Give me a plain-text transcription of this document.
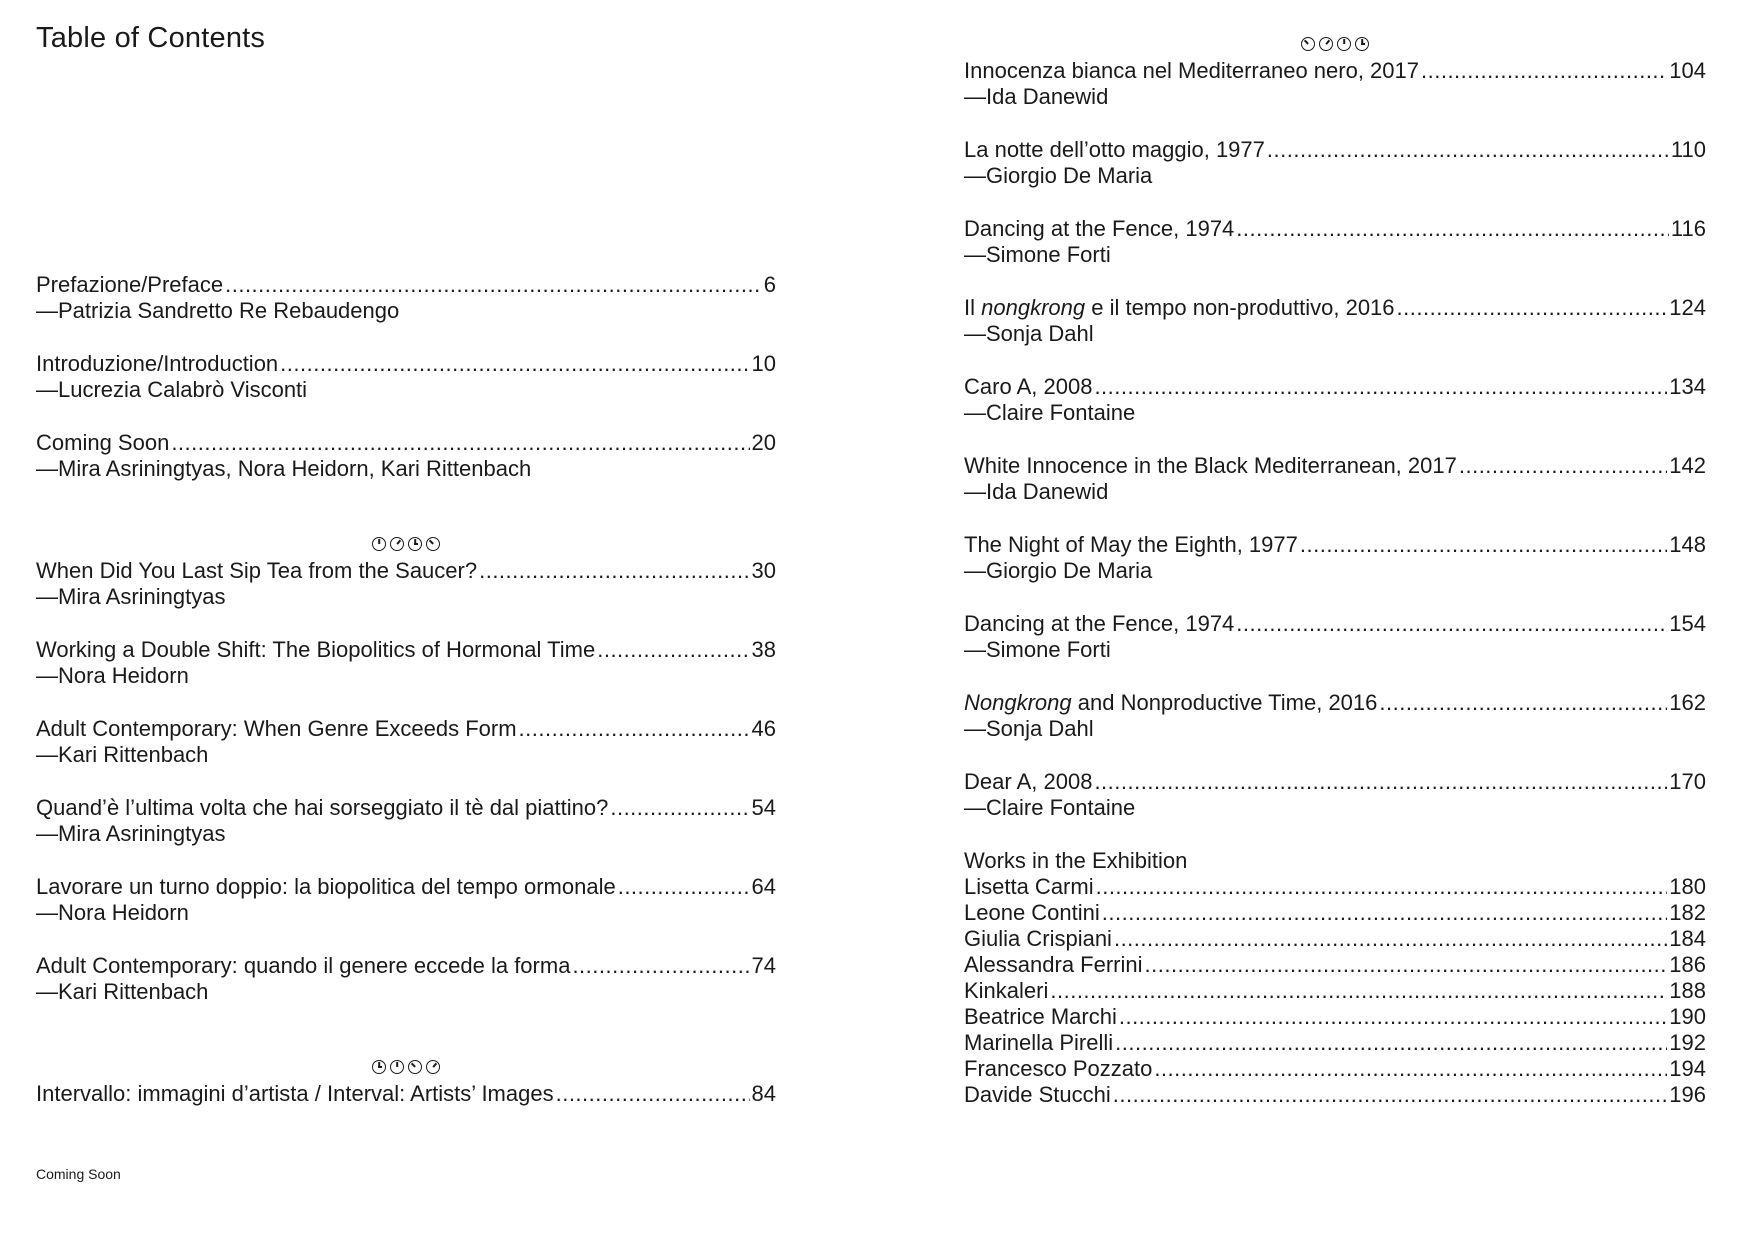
Table of Contents
Prefazione/Preface .....	6
—Patrizia Sandretto Re Rebaudengo
Introduzione/Introduction .....	10
—Lucrezia Calabrò Visconti
Coming Soon .....	20
—Mira Asriningtyas, Nora Heidorn, Kari Rittenbach
When Did You Last Sip Tea from the Saucer? .....	30
—Mira Asriningtyas
Working a Double Shift: The Biopolitics of Hormonal Time .....	38
—Nora Heidorn
Adult Contemporary: When Genre Exceeds Form .....	46
—Kari Rittenbach
Quand’è l’ultima volta che hai sorseggiato il tè dal piattino? .....	54
—Mira Asriningtyas
Lavorare un turno doppio: la biopolitica del tempo ormonale .....	64
—Nora Heidorn
Adult Contemporary: quando il genere eccede la forma .....	74
—Kari Rittenbach
Intervallo: immagini d’artista / Interval: Artists’ Images .....	84
Innocenza bianca nel Mediterraneo nero, 2017 .....	104
—Ida Danewid
La notte dell’otto maggio, 1977 .....	110
—Giorgio De Maria
Dancing at the Fence, 1974 .....	116
—Simone Forti
Il nongkrong e il tempo non-produttivo, 2016 .....	124
—Sonja Dahl
Caro A, 2008 .....	134
—Claire Fontaine
White Innocence in the Black Mediterranean, 2017 .....	142
—Ida Danewid
The Night of May the Eighth, 1977 .....	148
—Giorgio De Maria
Dancing at the Fence, 1974 .....	154
—Simone Forti
Nongkrong and Nonproductive Time, 2016 .....	162
—Sonja Dahl
Dear A, 2008 .....	170
—Claire Fontaine
Works in the Exhibition
Lisetta Carmi .....	180
Leone Contini .....	182
Giulia Crispiani .....	184
Alessandra Ferrini .....	186
Kinkaleri .....	188
Beatrice Marchi .....	190
Marinella Pirelli .....	192
Francesco Pozzato .....	194
Davide Stucchi .....	196
Coming Soon
